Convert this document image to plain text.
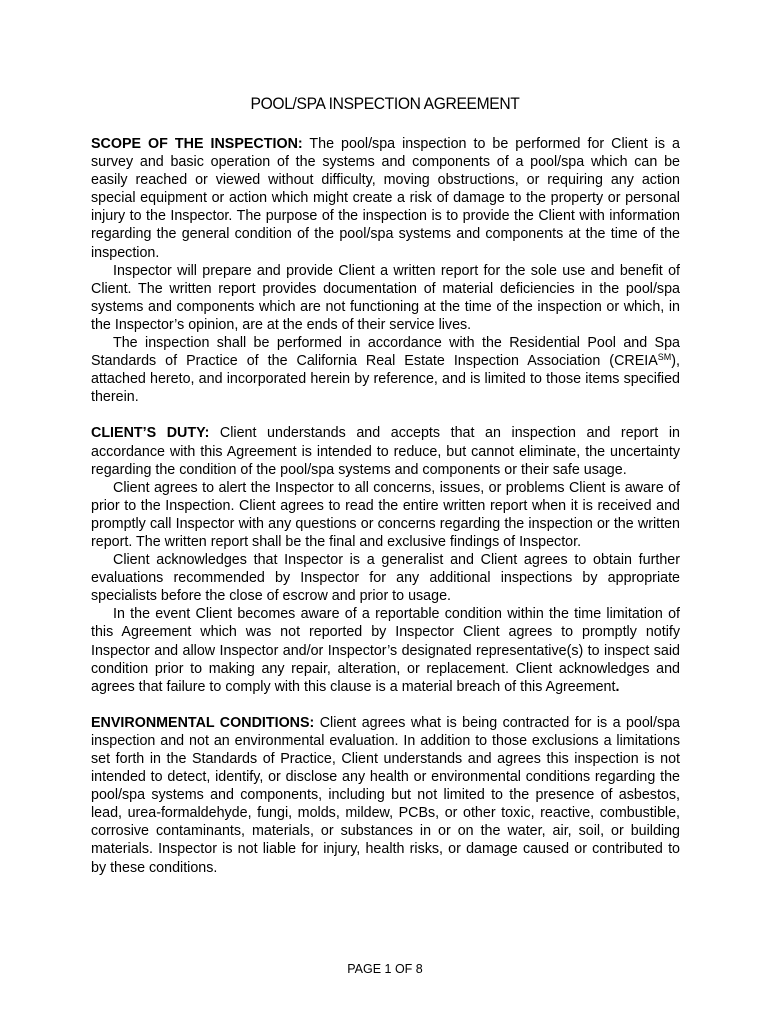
POOL/SPA INSPECTION AGREEMENT

SCOPE OF THE INSPECTION: The pool/spa inspection to be performed for Client is a survey and basic operation of the systems and components of a pool/spa which can be easily reached or viewed without difficulty, moving obstructions, or requiring any action special equipment or action which might create a risk of damage to the property or personal injury to the Inspector. The purpose of the inspection is to provide the Client with information regarding the general condition of the pool/spa systems and components at the time of the inspection.

Inspector will prepare and provide Client a written report for the sole use and benefit of Client. The written report provides documentation of material deficiencies in the pool/spa systems and components which are not functioning at the time of the inspection or which, in the Inspector’s opinion, are at the ends of their service lives.

The inspection shall be performed in accordance with the Residential Pool and Spa Standards of Practice of the California Real Estate Inspection Association (CREIA℠), attached hereto, and incorporated herein by reference, and is limited to those items specified therein.

CLIENT’S DUTY: Client understands and accepts that an inspection and report in accordance with this Agreement is intended to reduce, but cannot eliminate, the uncertainty regarding the condition of the pool/spa systems and components or their safe usage.

Client agrees to alert the Inspector to all concerns, issues, or problems Client is aware of prior to the Inspection. Client agrees to read the entire written report when it is received and promptly call Inspector with any questions or concerns regarding the inspection or the written report. The written report shall be the final and exclusive findings of Inspector.

Client acknowledges that Inspector is a generalist and Client agrees to obtain further evaluations recommended by Inspector for any additional inspections by appropriate specialists before the close of escrow and prior to usage.

In the event Client becomes aware of a reportable condition within the time limitation of this Agreement which was not reported by Inspector Client agrees to promptly notify Inspector and allow Inspector and/or Inspector’s designated representative(s) to inspect said condition prior to making any repair, alteration, or replacement. Client acknowledges and agrees that failure to comply with this clause is a material breach of this Agreement.

ENVIRONMENTAL CONDITIONS: Client agrees what is being contracted for is a pool/spa inspection and not an environmental evaluation. In addition to those exclusions a limitations set forth in the Standards of Practice, Client understands and agrees this inspection is not intended to detect, identify, or disclose any health or environmental conditions regarding the pool/spa systems and components, including but not limited to the presence of asbestos, lead, urea-formaldehyde, fungi, molds, mildew, PCBs, or other toxic, reactive, combustible, corrosive contaminants, materials, or substances in or on the water, air, soil, or building materials. Inspector is not liable for injury, health risks, or damage caused or contributed to by these conditions.

PAGE 1 OF 8
